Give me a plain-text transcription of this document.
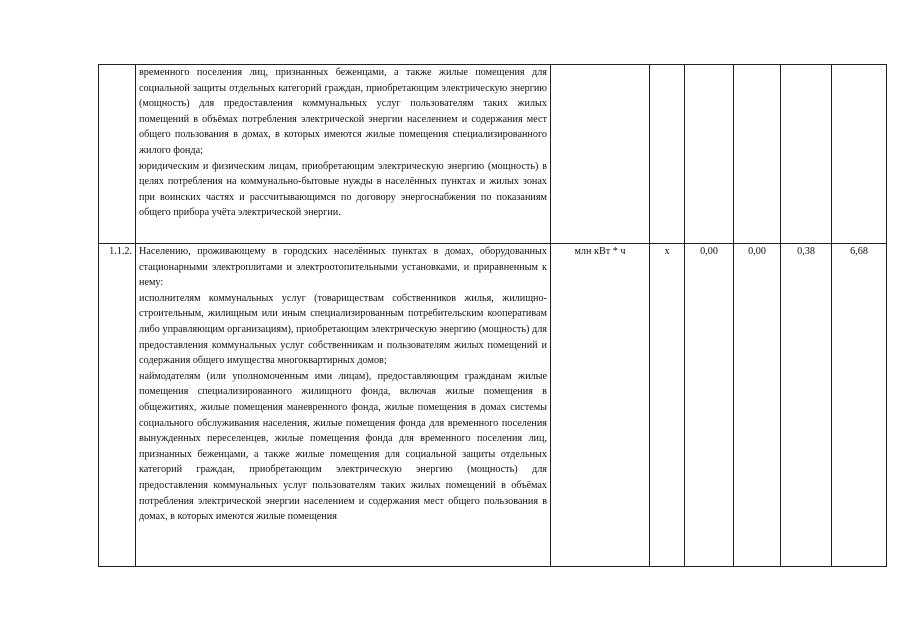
	временного поселения лиц, признанных беженцами, а также жилые помещения для социальной защиты отдельных категорий граждан, приобретающим электрическую энергию (мощность) для предоставления коммунальных услуг пользователям таких жилых помещений в объёмах потребления электрической энергии населением и содержания мест общего пользования в домах, в которых имеются жилые помещения специализированного жилого фонда;
юридическим и физическим лицам, приобретающим электрическую энергию (мощность) в целях потребления на коммунально-бытовые нужды в населённых пунктах и жилых зонах при воинских частях и рассчитывающимся по договору энергоснабжения по показаниям общего прибора учёта электрической энергии.						

1.1.2.	Населению, проживающему в городских населённых пунктах в домах, оборудованных стационарными электроплитами и электроотопительными установками, и приравненным к нему:
исполнителям коммунальных услуг (товариществам собственников жилья, жилищно-строительным, жилищным или иным специализированным потребительским кооперативам либо управляющим организациям), приобретающим электрическую энергию (мощность) для предоставления коммунальных услуг собственникам и пользователям жилых помещений и содержания общего имущества многоквартирных домов;
наймодателям (или уполномоченным ими лицам), предоставляющим гражданам жилые помещения специализированного жилищного фонда, включая жилые помещения в общежитиях, жилые помещения маневренного фонда, жилые помещения в домах системы социального обслуживания населения, жилые помещения фонда для временного поселения вынужденных переселенцев, жилые помещения фонда для временного поселения лиц, признанных беженцами, а также жилые помещения для социальной защиты отдельных категорий граждан, приобретающим электрическую энергию (мощность) для предоставления коммунальных услуг пользователям таких жилых помещений в объёмах потребления электрической энергии населением и содержания мест общего пользования в домах, в которых имеются жилые помещения	млн кВт * ч	х	0,00	0,00	0,38	6,68
